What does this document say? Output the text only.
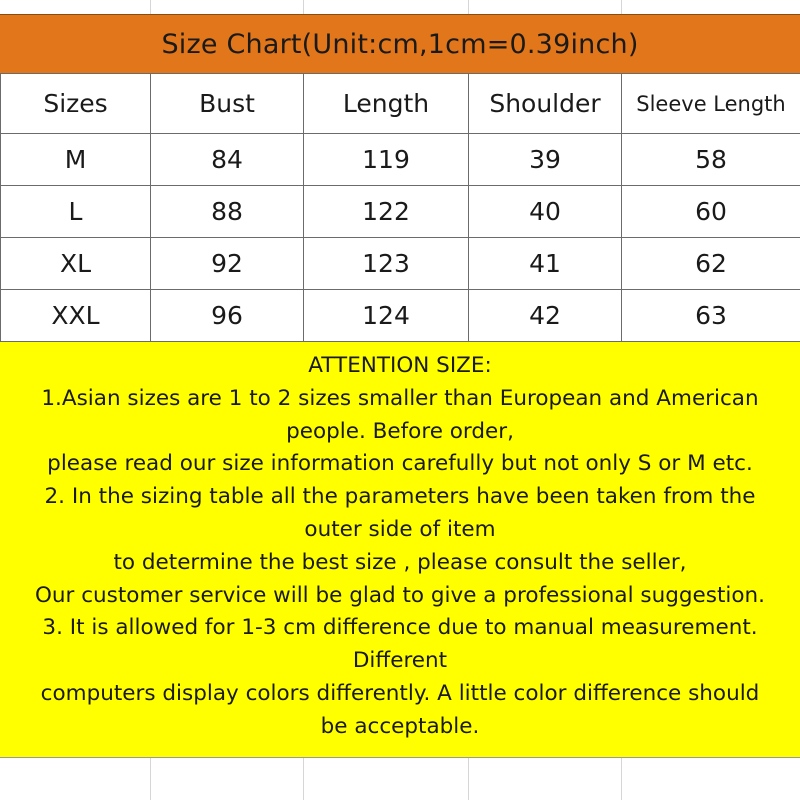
Size Chart(Unit:cm,1cm=0.39inch)
Sizes	Bust	Length	Shoulder	Sleeve Length
M	84	119	39	58
L	88	122	40	60
XL	92	123	41	62
XXL	96	124	42	63
ATTENTION SIZE:
1.Asian sizes are 1 to 2 sizes smaller than European and American
people. Before order,
please read our size information carefully but not only S or M etc.
2. In the sizing table all the parameters have been taken from the
outer side of item
to determine the best size , please consult the seller,
Our customer service will be glad to give a professional suggestion.
3. It is allowed for 1-3 cm difference due to manual measurement.
Different
computers display colors differently. A little color difference should
be acceptable.
